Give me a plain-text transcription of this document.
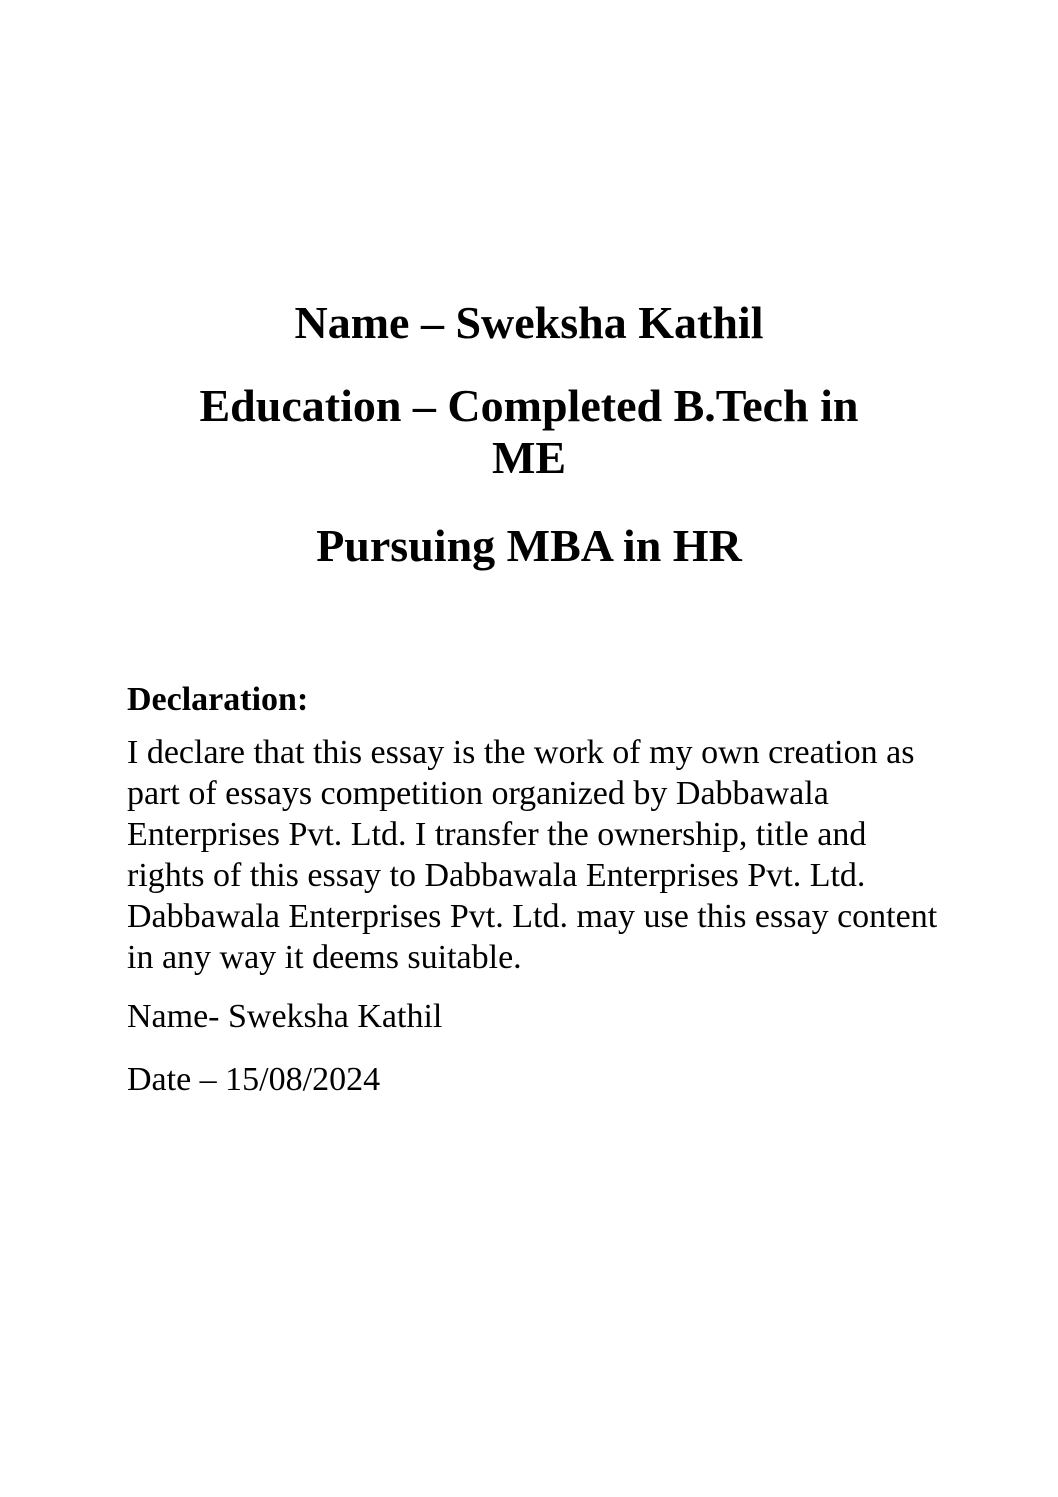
Name – Sweksha Kathil
Education – Completed B.Tech in ME
Pursuing MBA in HR

Declaration:

I declare that this essay is the work of my own creation as part of essays competition organized by Dabbawala Enterprises Pvt. Ltd. I transfer the ownership, title and rights of this essay to Dabbawala Enterprises Pvt. Ltd. Dabbawala Enterprises Pvt. Ltd. may use this essay content in any way it deems suitable.

Name- Sweksha Kathil

Date – 15/08/2024
